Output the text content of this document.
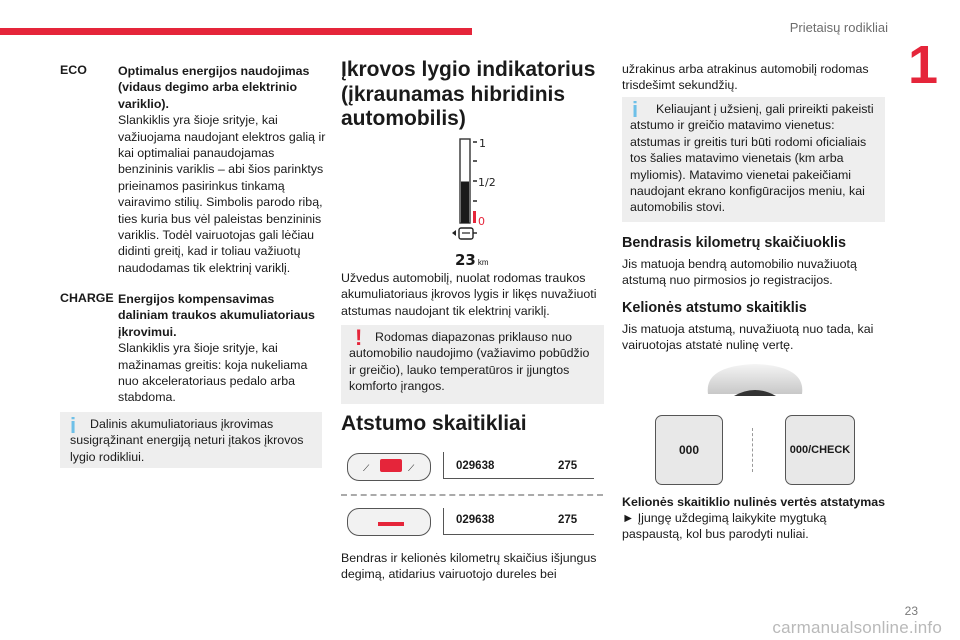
Prietaisų rodikliai
1
ECO	Optimalus energijos naudojimas (vidaus degimo arba elektrinio variklio).
Slankiklis yra šioje srityje, kai važiuojama naudojant elektros galią ir kai optimaliai panaudojamas benzininis variklis – abi šios parinktys prieinamos pasirinkus tinkamą vairavimo stilių. Simbolis parodo ribą, ties kuria bus vėl paleistas benzininis variklis. Todėl vairuotojas gali lėčiau didinti greitį, kad ir toliau važiuotų naudodamas tik elektrinį variklį.
CHARGE Energijos kompensavimas daliniam traukos akumuliatoriaus įkrovimui.
Slankiklis yra šioje srityje, kai mažinamas greitis: koja nukeliama nuo akceleratoriaus pedalo arba stabdoma.
i	Dalinis akumuliatoriaus įkrovimas susigrąžinant energiją neturi įtakos įkrovos lygio rodikliui.
Įkrovos lygio indikatorius (įkraunamas hibridinis automobilis)
1
1/2
0
23 km
Užvedus automobilį, nuolat rodomas traukos akumuliatoriaus įkrovos lygis ir likęs nuvažiuoti atstumas naudojant tik elektrinį variklį.
!	Rodomas diapazonas priklauso nuo automobilio naudojimo (važiavimo pobūdžio ir greičio), lauko temperatūros ir įjungtos komforto įrangos.
Atstumo skaitikliai
⟋	⟋	029638	275
029638	275
Bendras ir kelionės kilometrų skaičius išjungus degimą, atidarius vairuotojo dureles bei
užrakinus arba atrakinus automobilį rodomas trisdešimt sekundžių.
i	Keliaujant į užsienį, gali prireikti pakeisti atstumo ir greičio matavimo vienetus: atstumas ir greitis turi būti rodomi oficialiais tos šalies matavimo vienetais (km arba myliomis). Matavimo vienetai pakeičiami naudojant ekrano konfigūracijos meniu, kai automobilis stovi.
Bendrasis kilometrų skaičiuoklis
Jis matuoja bendrą automobilio nuvažiuotą atstumą nuo pirmosios jo registracijos.
Kelionės atstumo skaitiklis
Jis matuoja atstumą, nuvažiuotą nuo tada, kai vairuotojas atstatė nulinę vertę.
000	000/CHECK
Kelionės skaitiklio nulinės vertės atstatymas
► Įjungę uždegimą laikykite mygtuką paspaustą, kol bus parodyti nuliai.
23
carmanualsonline.info
